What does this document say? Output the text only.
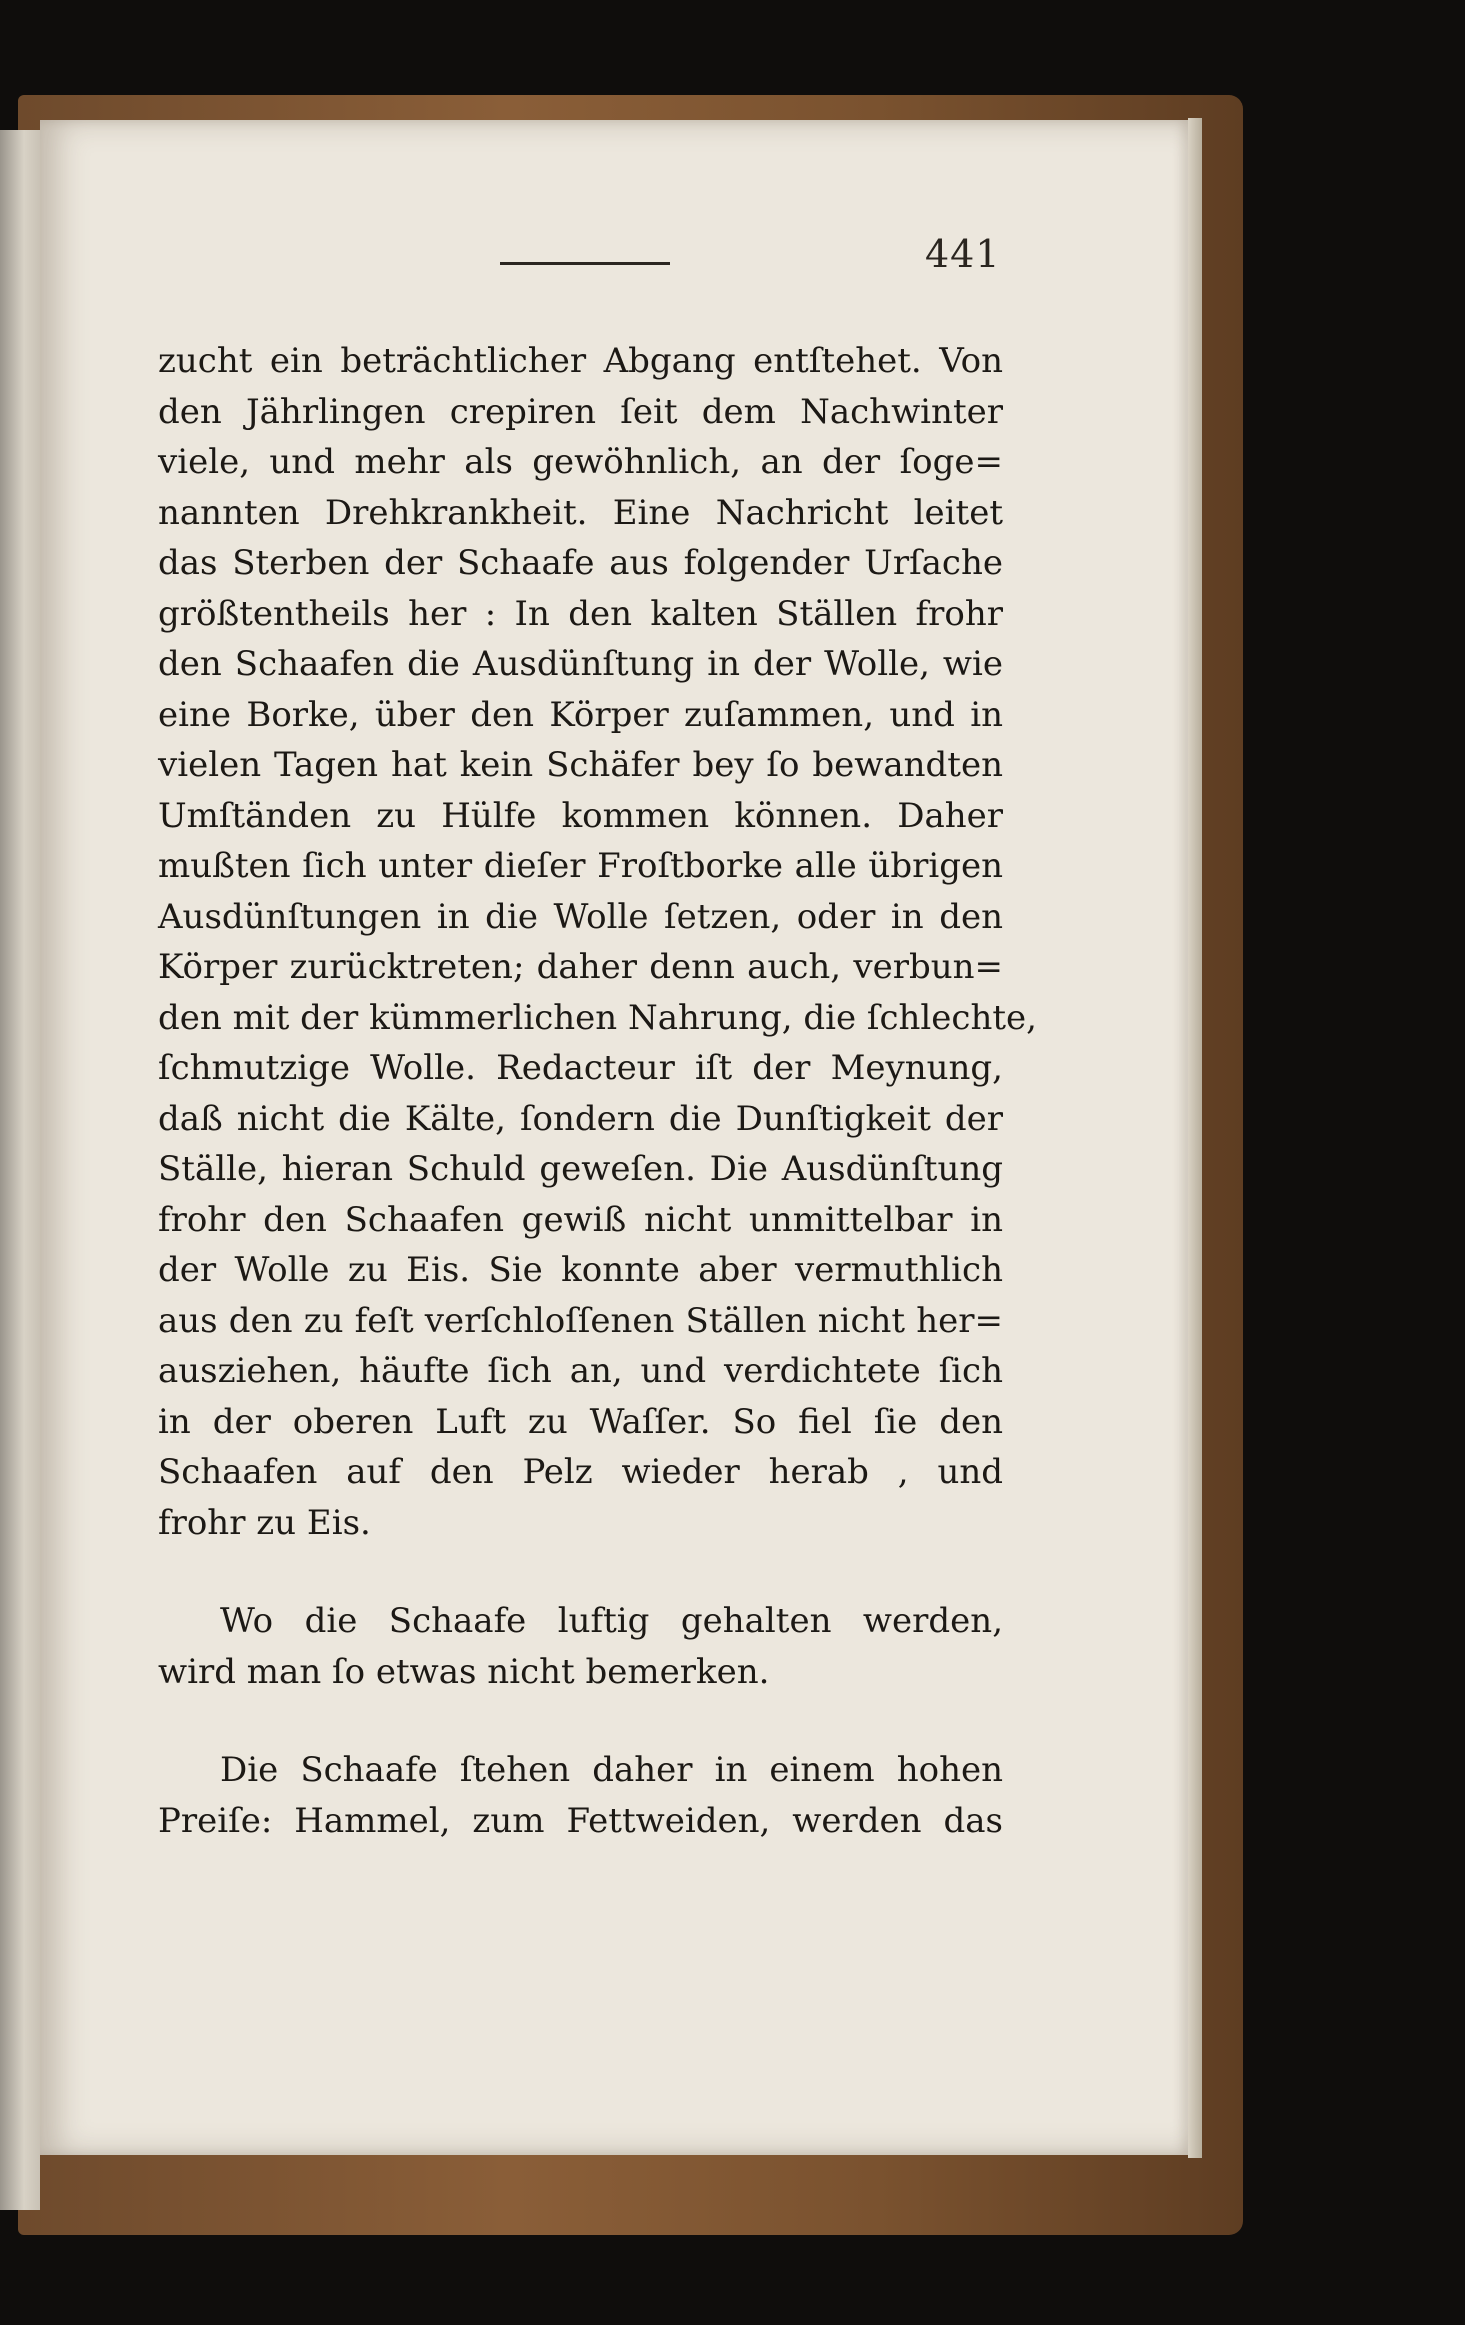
441
zucht ein beträchtlicher Abgang entſtehet. Von
den Jährlingen crepiren ſeit dem Nachwinter
viele, und mehr als gewöhnlich, an der ſoge=
nannten Drehkrankheit. Eine Nachricht leitet
das Sterben der Schaafe aus folgender Urſache
größtentheils her : In den kalten Ställen frohr
den Schaafen die Ausdünſtung in der Wolle, wie
eine Borke, über den Körper zuſammen, und in
vielen Tagen hat kein Schäfer bey ſo bewandten
Umſtänden zu Hülfe kommen können. Daher
mußten ſich unter dieſer Froſtborke alle übrigen
Ausdünſtungen in die Wolle ſetzen, oder in den
Körper zurücktreten; daher denn auch, verbun=
den mit der kümmerlichen Nahrung, die ſchlechte,
ſchmutzige Wolle. Redacteur iſt der Meynung,
daß nicht die Kälte, ſondern die Dunſtigkeit der
Ställe, hieran Schuld geweſen. Die Ausdünſtung
frohr den Schaafen gewiß nicht unmittelbar in
der Wolle zu Eis. Sie konnte aber vermuthlich
aus den zu feſt verſchloſſenen Ställen nicht her=
ausziehen, häufte ſich an, und verdichtete ſich
in der oberen Luft zu Waſſer. So fiel ſie den
Schaafen auf den Pelz wieder herab , und
frohr zu Eis.
Wo die Schaafe luftig gehalten werden,
wird man ſo etwas nicht bemerken.
Die Schaafe ſtehen daher in einem hohen
Preiſe: Hammel, zum Fettweiden, werden das
